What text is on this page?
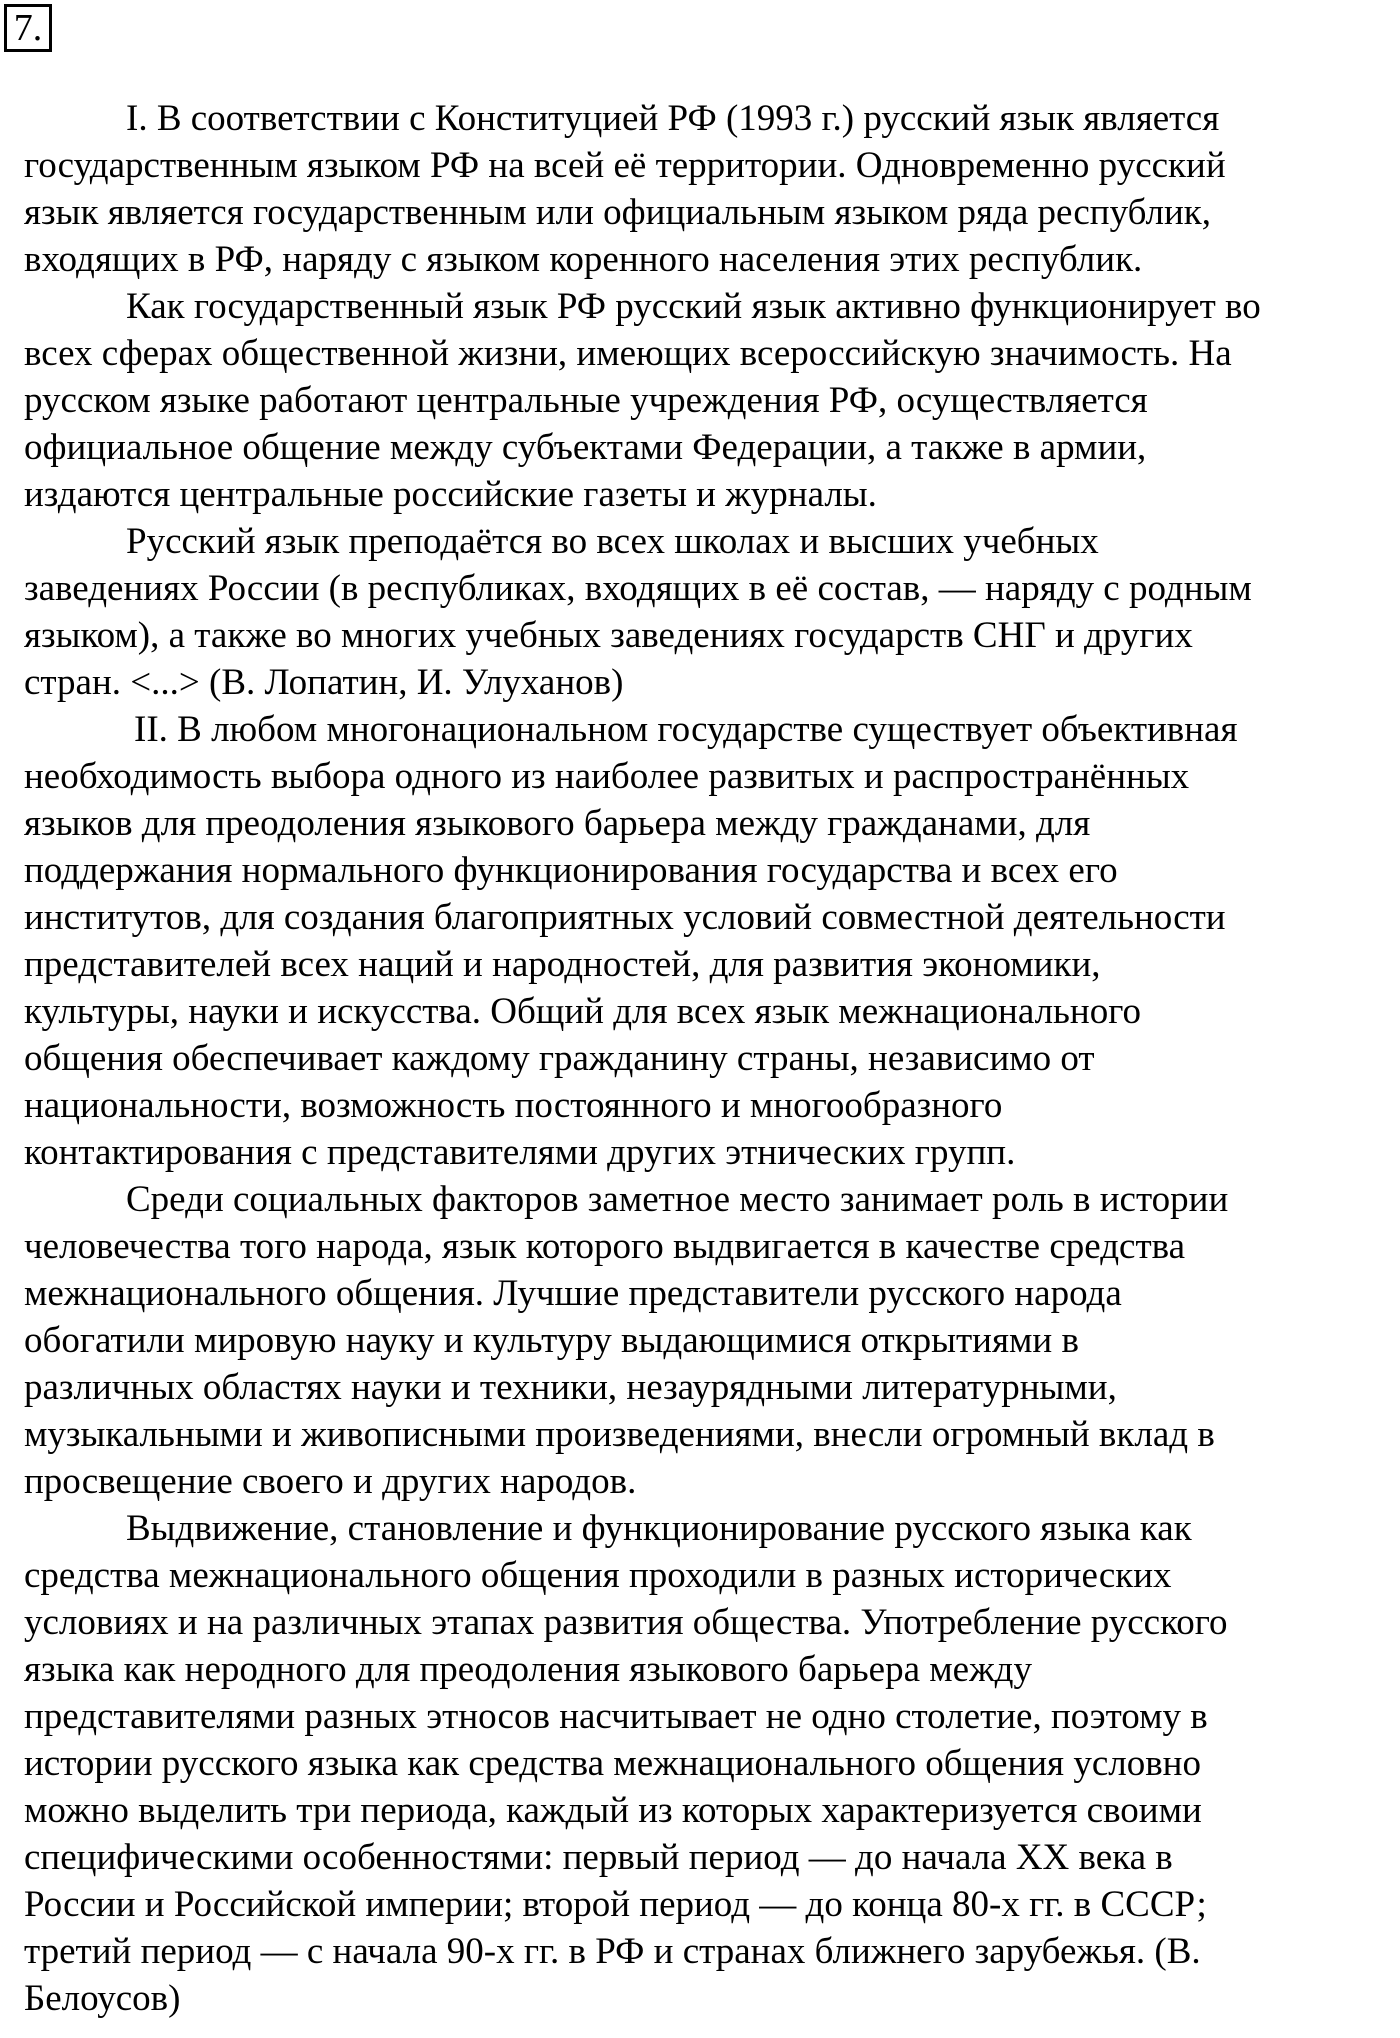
7.

I. В соответствии с Конституцией РФ (1993 г.) русский язык является

государственным языком РФ на всей её территории. Одновременно русский

язык является государственным или официальным языком ряда республик,

входящих в РФ, наряду с языком коренного населения этих республик.

Как государственный язык РФ русский язык активно функционирует во

всех сферах общественной жизни, имеющих всероссийскую значимость. На

русском языке работают центральные учреждения РФ, осуществляется

официальное общение между субъектами Федерации, а также в армии,

издаются центральные российские газеты и журналы.

Русский язык преподаётся во всех школах и высших учебных

заведениях России (в республиках, входящих в её состав, — наряду с родным

языком), а также во многих учебных заведениях государств СНГ и других

стран. <...> (В. Лопатин, И. Улуханов)

II. В любом многонациональном государстве существует объективная

необходимость выбора одного из наиболее развитых и распространённых

языков для преодоления языкового барьера между гражданами, для

поддержания нормального функционирования государства и всех его

институтов, для создания благоприятных условий совместной деятельности

представителей всех наций и народностей, для развития экономики,

культуры, науки и искусства. Общий для всех язык межнационального

общения обеспечивает каждому гражданину страны, независимо от

национальности, возможность постоянного и многообразного

контактирования с представителями других этнических групп.

Среди социальных факторов заметное место занимает роль в истории

человечества того народа, язык которого выдвигается в качестве средства

межнационального общения. Лучшие представители русского народа

обогатили мировую науку и культуру выдающимися открытиями в

различных областях науки и техники, незаурядными литературными,

музыкальными и живописными произведениями, внесли огромный вклад в

просвещение своего и других народов.

Выдвижение, становление и функционирование русского языка как

средства межнационального общения проходили в разных исторических

условиях и на различных этапах развития общества. Употребление русского

языка как неродного для преодоления языкового барьера между

представителями разных этносов насчитывает не одно столетие, поэтому в

истории русского языка как средства межнационального общения условно

можно выделить три периода, каждый из которых характеризуется своими

специфическими особенностями: первый период — до начала XX века в

России и Российской империи; второй период — до конца 80-х гг. в СССР;

третий период — с начала 90-х гг. в РФ и странах ближнего зарубежья. (В.

Белоусов)
